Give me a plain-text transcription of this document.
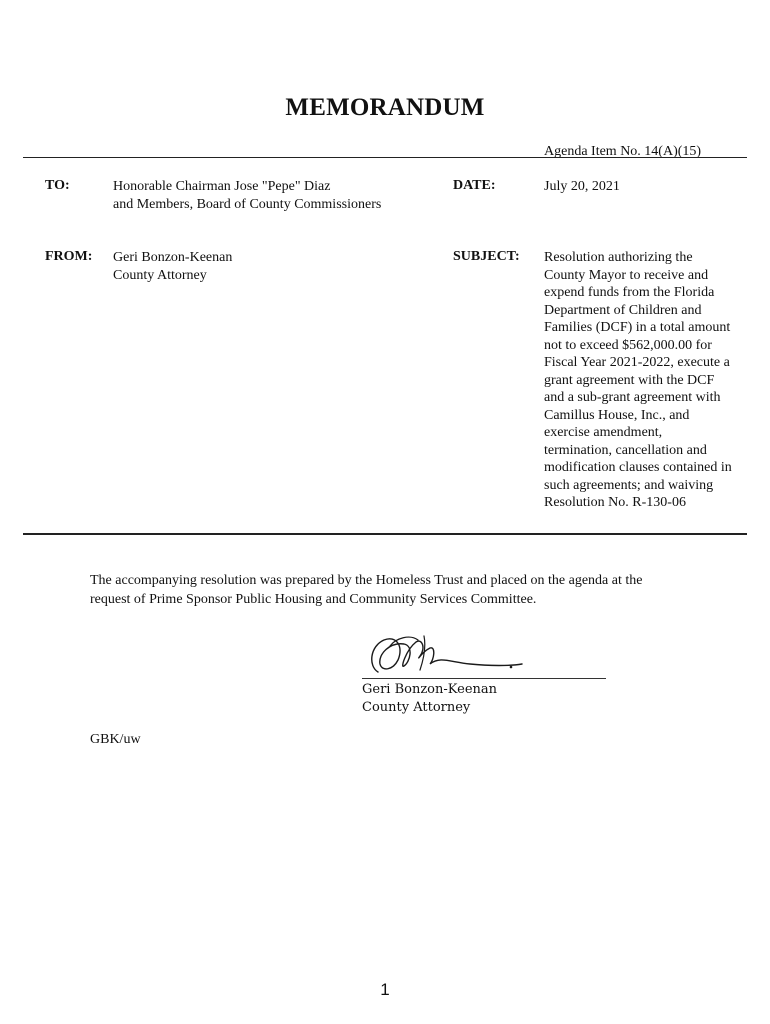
MEMORANDUM
Agenda Item No. 14(A)(15)
TO:	Honorable Chairman Jose "Pepe" Diaz
and Members, Board of County Commissioners
DATE:	July 20, 2021
FROM: Geri Bonzon-Keenan
County Attorney
SUBJECT: Resolution authorizing the
County Mayor to receive and
expend funds from the Florida
Department of Children and
Families (DCF) in a total amount
not to exceed $562,000.00 for
Fiscal Year 2021-2022, execute a
grant agreement with the DCF
and a sub-grant agreement with
Camillus House, Inc., and
exercise amendment,
termination, cancellation and
modification clauses contained in
such agreements; and waiving
Resolution No. R-130-06
The accompanying resolution was prepared by the Homeless Trust and placed on the agenda at the
request of Prime Sponsor Public Housing and Community Services Committee.
Geri Bonzon-Keenan
County Attorney
GBK/uw
1
